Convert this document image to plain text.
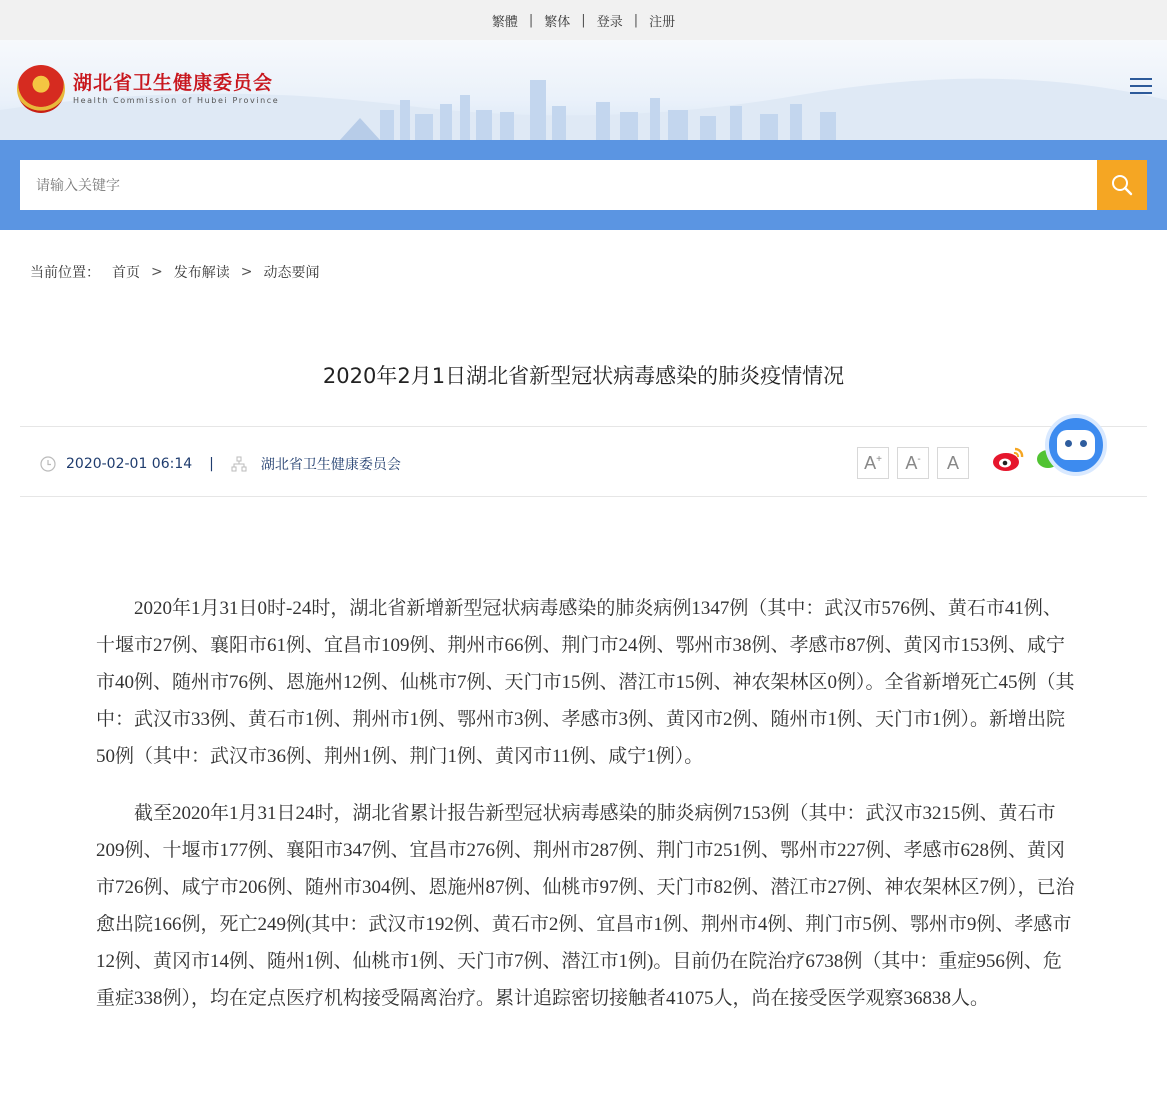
繁體 | 繁体 | 登录 | 注册
湖北省卫生健康委员会
Health Commission of Hubei Province
请输入关键字
当前位置： 首页 > 发布解读 > 动态要闻
2020年2月1日湖北省新型冠状病毒感染的肺炎疫情情况
2020-02-01 06:14 |	湖北省卫生健康委员会	A+ A- A

2020年1月31日0时-24时，湖北省新增新型冠状病毒感染的肺炎病例1347例（其中：武汉市576例、黄石市41例、十堰市27例、襄阳市61例、宜昌市109例、荆州市66例、荆门市24例、鄂州市38例、孝感市87例、黄冈市153例、咸宁市40例、随州市76例、恩施州12例、仙桃市7例、天门市15例、潜江市15例、神农架林区0例）。全省新增死亡45例（其中：武汉市33例、黄石市1例、荆州市1例、鄂州市3例、孝感市3例、黄冈市2例、随州市1例、天门市1例）。新增出院50例（其中：武汉市36例、荆州1例、荆门1例、黄冈市11例、咸宁1例）。

截至2020年1月31日24时，湖北省累计报告新型冠状病毒感染的肺炎病例7153例（其中：武汉市3215例、黄石市209例、十堰市177例、襄阳市347例、宜昌市276例、荆州市287例、荆门市251例、鄂州市227例、孝感市628例、黄冈市726例、咸宁市206例、随州市304例、恩施州87例、仙桃市97例、天门市82例、潜江市27例、神农架林区7例），已治愈出院166例，死亡249例(其中：武汉市192例、黄石市2例、宜昌市1例、荆州市4例、荆门市5例、鄂州市9例、孝感市12例、黄冈市14例、随州1例、仙桃市1例、天门市7例、潜江市1例)。目前仍在院治疗6738例（其中：重症956例、危重症338例），均在定点医疗机构接受隔离治疗。累计追踪密切接触者41075人，尚在接受医学观察36838人。
